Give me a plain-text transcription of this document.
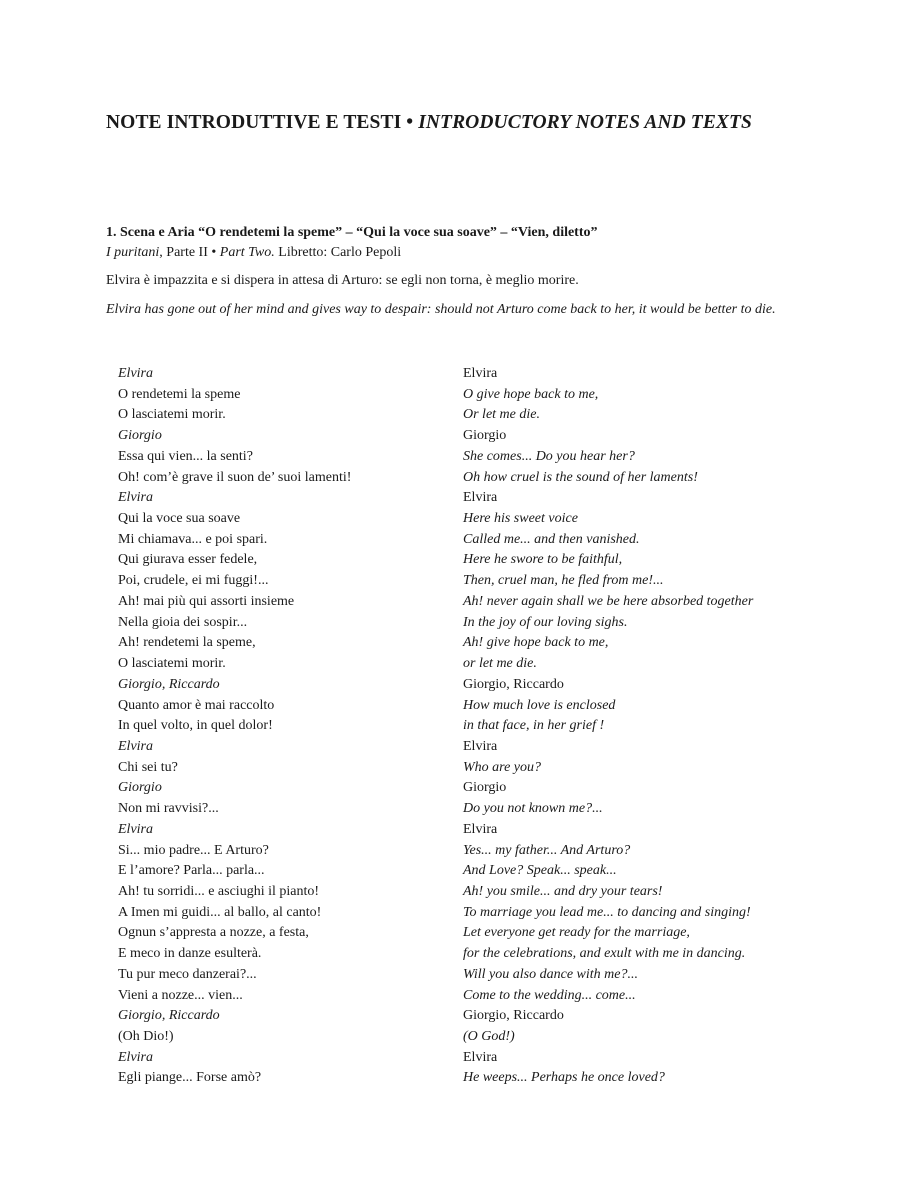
NOTE INTRODUTTIVE E TESTI • INTRODUCTORY NOTES AND TEXTS
1. Scena e Aria “O rendetemi la speme” – “Qui la voce sua soave” – “Vien, diletto”
I puritani, Parte II • Part Two. Libretto: Carlo Pepoli
Elvira è impazzita e si dispera in attesa di Arturo: se egli non torna, è meglio morire.
Elvira has gone out of her mind and gives way to despair: should not Arturo come back to her, it would be better to die.
Elvira	Elvira
O rendetemi la speme	O give hope back to me,
O lasciatemi morir.	Or let me die.
Giorgio	Giorgio
Essa qui vien... la senti?	She comes... Do you hear her?
Oh! com’è grave il suon de’ suoi lamenti!	Oh how cruel is the sound of her laments!
Elvira	Elvira
Qui la voce sua soave	Here his sweet voice
Mi chiamava... e poi spari.	Called me... and then vanished.
Qui giurava esser fedele,	Here he swore to be faithful,
Poi, crudele, ei mi fuggi!...	Then, cruel man, he fled from me!...
Ah! mai più qui assorti insieme	Ah! never again shall we be here absorbed together
Nella gioia dei sospir...	In the joy of our loving sighs.
Ah! rendetemi la speme,	Ah! give hope back to me,
O lasciatemi morir.	or let me die.
Giorgio, Riccardo	Giorgio, Riccardo
Quanto amor è mai raccolto	How much love is enclosed
In quel volto, in quel dolor!	in that face, in her grief !
Elvira	Elvira
Chi sei tu?	Who are you?
Giorgio	Giorgio
Non mi ravvisi?...	Do you not known me?...
Elvira	Elvira
Si... mio padre... E Arturo?	Yes... my father... And Arturo?
E l’amore? Parla... parla...	And Love? Speak... speak...
Ah! tu sorridi... e asciughi il pianto!	Ah! you smile... and dry your tears!
A Imen mi guidi... al ballo, al canto!	To marriage you lead me... to dancing and singing!
Ognun s’appresta a nozze, a festa,	Let everyone get ready for the marriage,
E meco in danze esulterà.	for the celebrations, and exult with me in dancing.
Tu pur meco danzerai?...	Will you also dance with me?...
Vieni a nozze... vien...	Come to the wedding... come...
Giorgio, Riccardo	Giorgio, Riccardo
(Oh Dio!)	(O God!)
Elvira	Elvira
Egli piange... Forse amò?	He weeps... Perhaps he once loved?
